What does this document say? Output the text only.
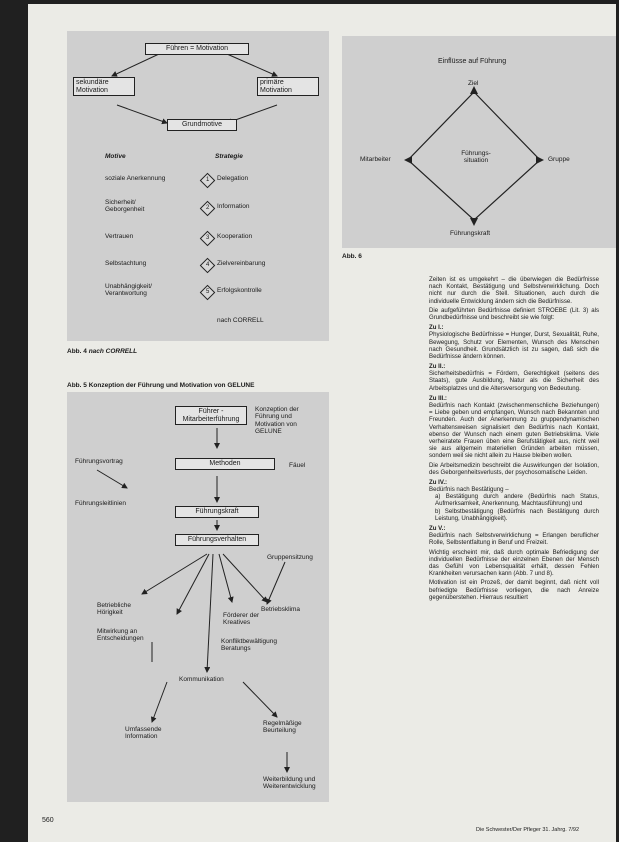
Führen = Motivation
sekundäre Motivation
primäre Motivation
Grundmotive
Motive	Strategie
soziale Anerkennung	1	Delegation
Sicherheit/ Geborgenheit	2	Information
Vertrauen	3	Kooperation
Selbstachtung	4	Zielvereinbarung
Unabhängigkeit/ Verantwortung	5	Erfolgskontrolle
nach CORRELL
Abb. 4 nach CORRELL
Einflüsse auf Führung
Ziel
Mitarbeiter	Gruppe
Führungs- situation
Führungskraft
Abb. 6
Abb. 5 Konzeption der Führung und Motivation von GELUNE
Führer - Mitarbeiterführung
Konzeption der Führung und Motivation von GELUNE
Führungsvortrag	Methoden	Fäuel
Führungsleitlinien
Führungskraft
Führungsverhalten
Gruppensitzung
Betriebliche Hörigkeit	Betriebsklima
Förderer der Kreatives
Mitwirkung an Entscheidungen	Konfliktbewältigung Beratungs
Kommunikation
Umfassende Information
Regelmäßige Beurteilung
Weiterbildung und Weiterentwicklung

Zeiten ist es umgekehrt – die überwiegen die Bedürfnisse nach Kontakt, Bestätigung und Selbstverwirklichung. Doch nicht nur durch die Stell. Situationen, auch durch die individuelle Entwicklung ändern sich die Bedürfnisse.

Die aufgeführten Bedürfnisse definiert STROEBE (Lit. 3) als Grundbedürfnisse und beschreibt sie wie folgt:

Zu I.:

Physiologische Bedürfnisse = Hunger, Durst, Sexualität, Ruhe, Bewegung, Schutz vor Elementen, Wunsch des Menschen nach Gesundheit. Grundsätzlich ist zu sagen, daß sich die Bedürfnisse ändern können.

Zu II.:

Sicherheitsbedürfnis = Fördern, Gerechtigkeit (seitens des Staats), gute Ausbildung, Natur als die Sicherheit des Arbeitsplatzes und die Altersversorgung von Bedeutung.

Zu III.:

Bedürfnis nach Kontakt (zwischenmenschliche Beziehungen) = Liebe geben und empfangen, Wunsch nach Bekannten und Freunden. Auch der Anerkennung zu gruppendynamischen Verhaltensweisen signalisiert den Bedürfnis nach Kontakt, ebenso der Wunsch nach einem guten Betriebsklima. Viele verheiratete Frauen üben eine Berufstätigkeit aus, nicht weil sie aus allgemein materiellen Gründen arbeiten müssen, sondern weil sie nicht allein zu Hause bleiben wollen.

Die Arbeitsmedizin beschreibt die Auswirkungen der Isolation, des Geborgenheitsverlusts, der psychosomatische Leiden.

Zu IV.:

Bedürfnis nach Bestätigung –

a) Bestätigung durch andere (Bedürfnis nach Status, Aufmerksamkeit, Anerkennung, Machtausführung) und

b) Selbstbestätigung (Bedürfnis nach Bestätigung durch Leistung, Unabhängigkeit).

Zu V.:

Bedürfnis nach Selbstverwirklichung = Erlangen beruflicher Rolle, Selbstentfaltung in Beruf und Freizeit.

Wichtig erscheint mir, daß durch optimale Befriedigung der individuellen Bedürfnisse der einzelnen Ebenen der Mensch das Gefühl von Lebensqualität erhält, dessen Fehlen Krankheiten verursachen kann (Abb. 7 und 8).

Motivation ist ein Prozeß, der damit beginnt, daß nicht voll befriedigte Bedürfnisse vorliegen, die nach Anreize gegenüberstehen. Hierraus resultiert

560
Die Schwester/Der Pfleger 31. Jahrg. 7/92
